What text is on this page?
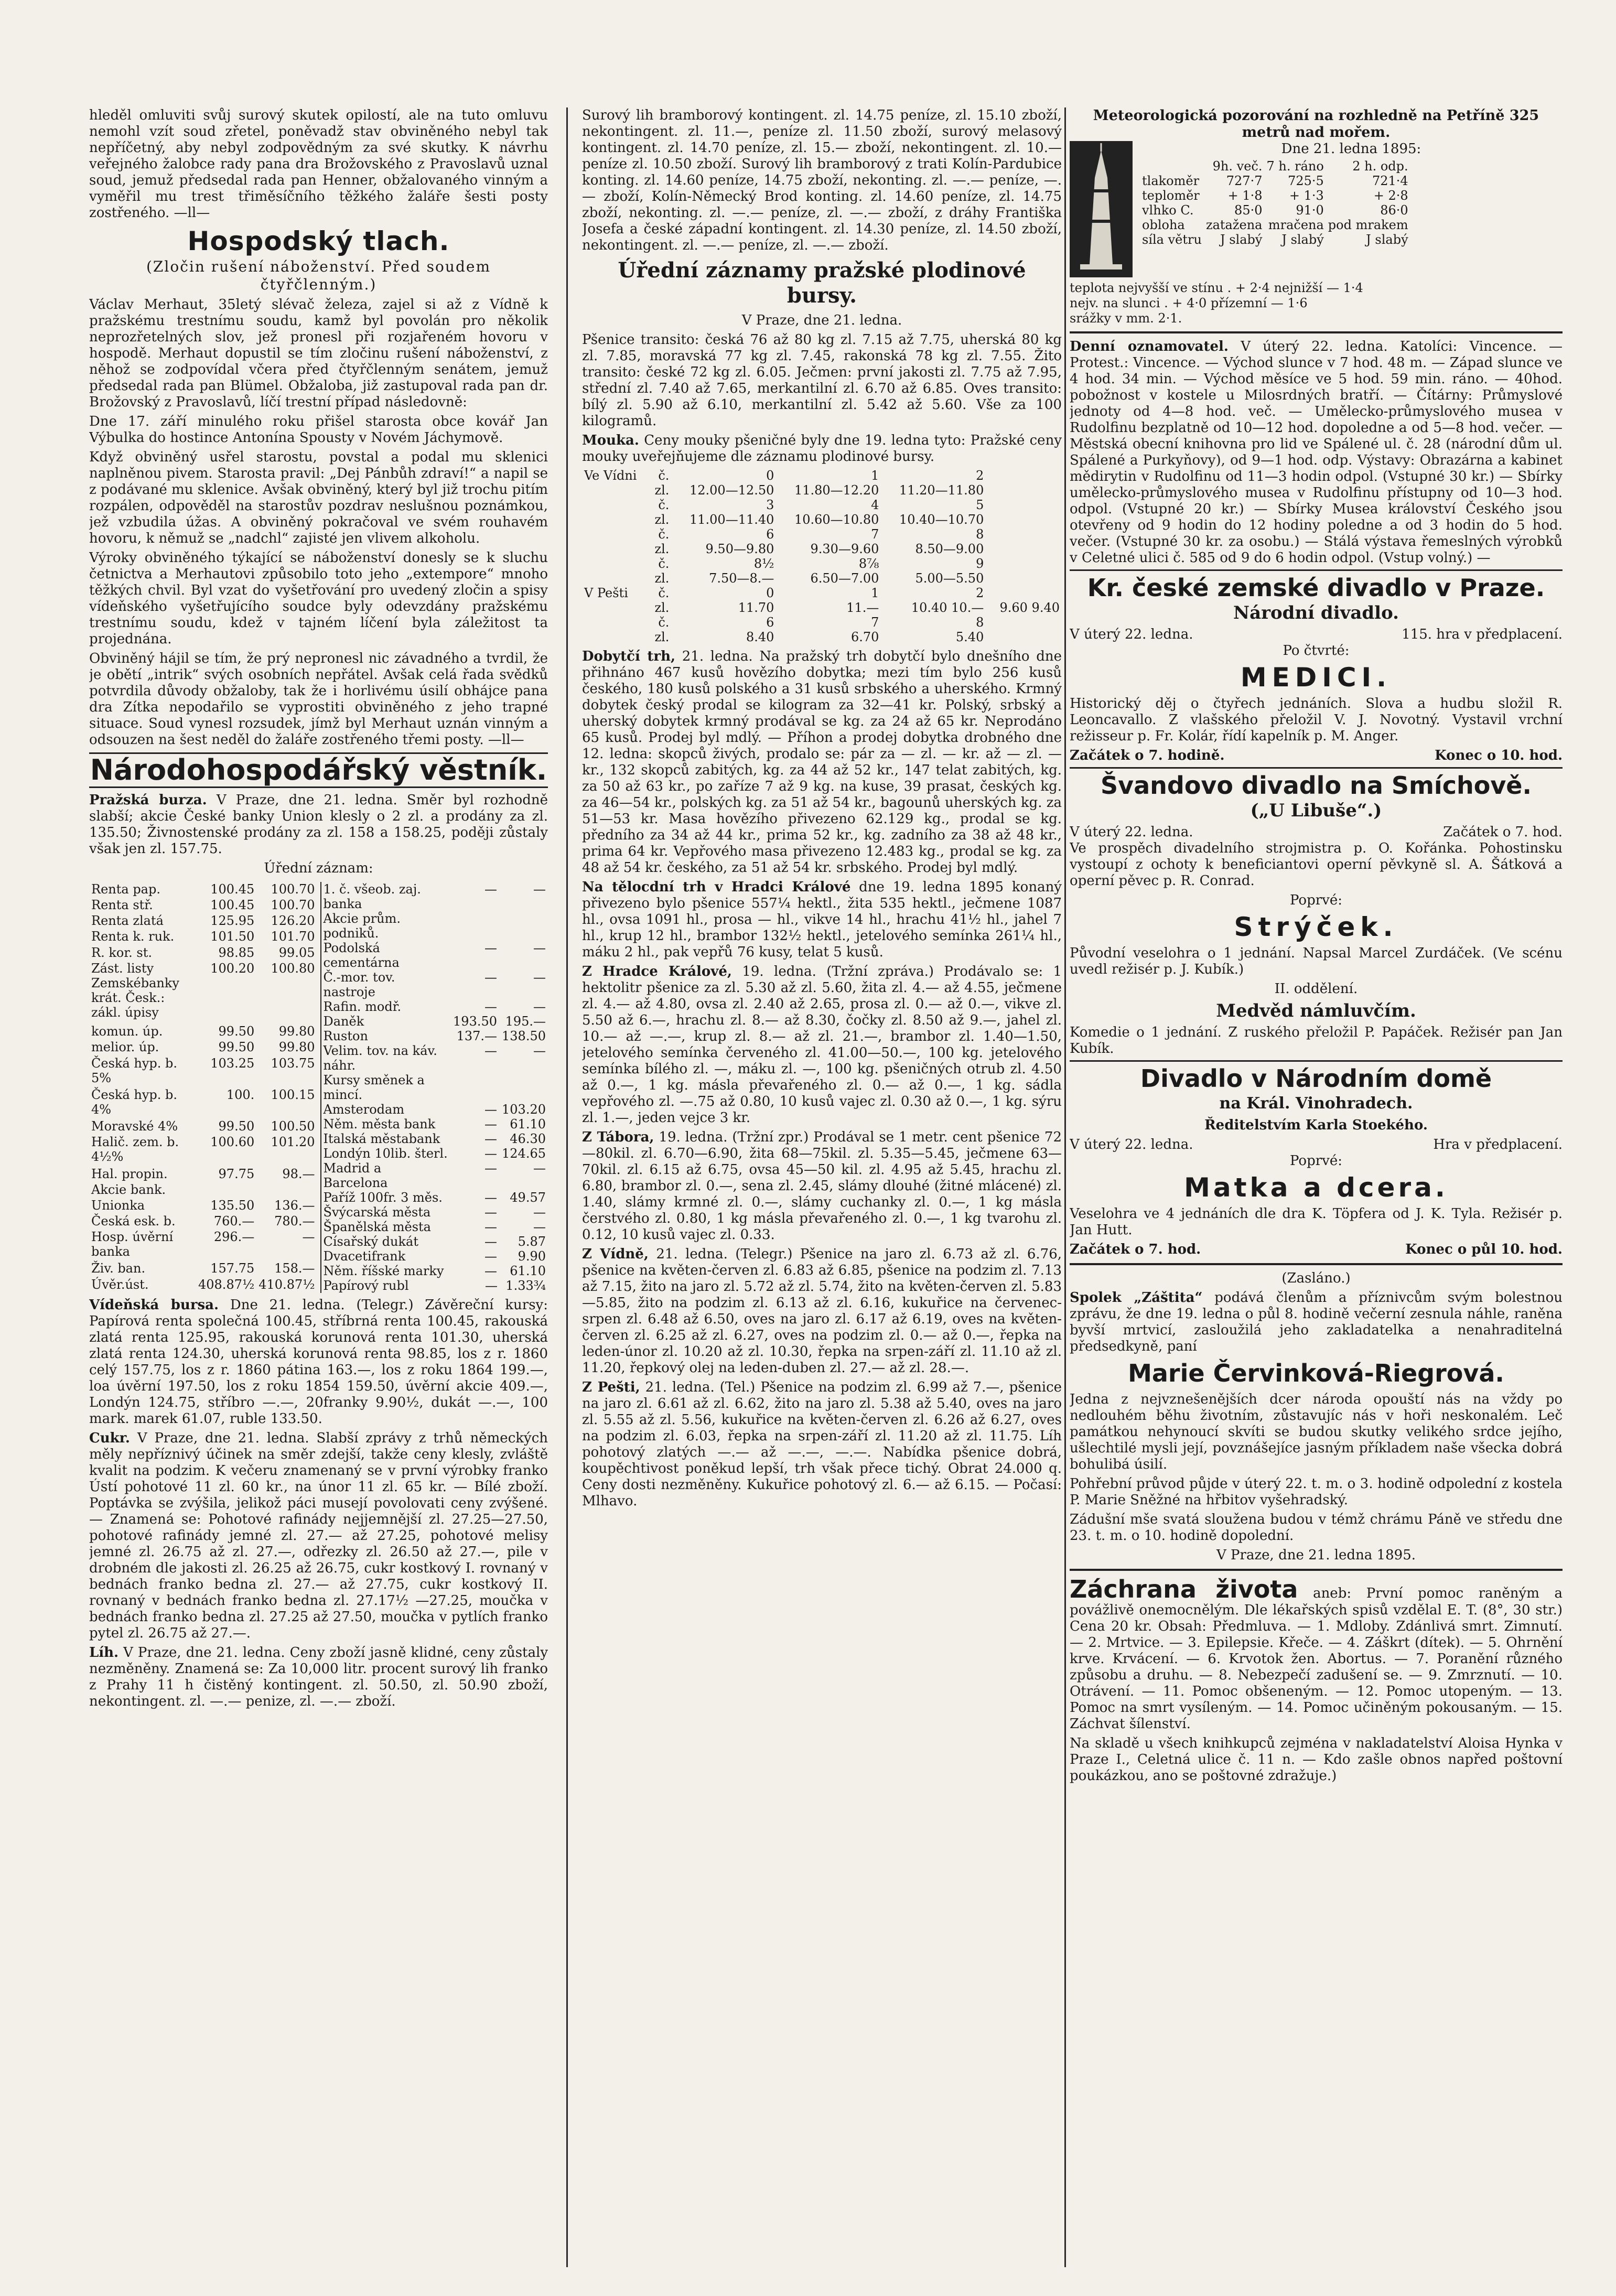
hleděl omluviti svůj surový skutek opilostí, ale na tuto omluvu nemohl vzít soud zřetel, poněvadž stav obviněného nebyl tak nepříčetný, aby nebyl zodpovědným za své skutky. K návrhu veřejného žalobce rady pana dra Brožovského z Pravoslavů uznal soud, jemuž předsedal rada pan Henner, obžalovaného vinným a vyměřil mu trest třiměsíčního těžkého žaláře šesti posty zostřeného. —ll—

Hospodský tlach.
(Zločin rušení náboženství. Před soudem čtyřčlenným.)

Václav Merhaut, 35letý slévač železa, zajel si až z Vídně k pražskému trestnímu soudu, kamž byl povolán pro několik neprozřetelných slov, jež pronesl při rozjařeném hovoru v hospodě. Merhaut dopustil se tím zločinu rušení náboženství, z něhož se zodpovídal včera před čtyřčlenným senátem, jemuž předsedal rada pan Blümel. Obžaloba, již zastupoval rada pan dr. Brožovský z Pravoslavů, líčí trestní případ následovně:

Dne 17. září minulého roku přišel starosta obce kovář Jan Výbulka do hostince Antonína Spousty v Novém Jáchymově.

Když obviněný usřel starostu, povstal a podal mu sklenici naplněnou pivem. Starosta pravil: „Dej Pánbůh zdraví!“ a napil se z podávané mu sklenice. Avšak obviněný, který byl již trochu pitím rozpálen, odpověděl na starostův pozdrav neslušnou poznámkou, jež vzbudila úžas. A obviněný pokračoval ve svém rouhavém hovoru, k němuž se „nadchl“ zajisté jen vlivem alkoholu.

Výroky obviněného týkající se náboženství donesly se k sluchu četnictva a Merhautovi způsobilo toto jeho „extempore“ mnoho těžkých chvil. Byl vzat do vyšetřování pro uvedený zločin a spisy vídeňského vyšetřujícího soudce byly odevzdány pražskému trestnímu soudu, kdež v tajném líčení byla záležitost ta projednána.

Obviněný hájil se tím, že prý nepronesl nic závadného a tvrdil, že je obětí „intrik“ svých osobních nepřátel. Avšak celá řada svědků potvrdila důvody obžaloby, tak že i horlivému úsilí obhájce pana dra Zítka nepodařilo se vyprostiti obviněného z jeho trapné situace. Soud vynesl rozsudek, jímž byl Merhaut uznán vinným a odsouzen na šest neděl do žaláře zostřeného třemi posty. —ll—

Národohospodářský věstník.

Pražská burza. V Praze, dne 21. ledna. Směr byl rozhodně slabší; akcie České banky Union klesly o 2 zl. a prodány za zl. 135.50; Živnostenské prodány za zl. 158 a 158.25, poději zůstaly však jen zl. 157.75.

Úřední záznam:

Renta pap.	100.45	100.70
Renta stř.	100.45	100.70
Renta zlatá	125.95	126.20
Renta k. ruk.	101.50	101.70
R. kor. st.	98.85	99.05
Zást. listy Zemskébanky krát. Česk.: zákl. úpisy	100.20	100.80
komun. úp.	99.50	99.80
melior. úp.	99.50	99.80
Česká hyp. b. 5%	103.25	103.75
Česká hyp. b. 4%	100.	100.15
Moravské 4%	99.50	100.50
Halič. zem. b. 4½%	100.60	101.20
Hal. propin.	97.75	98.—
Akcie bank.		
Unionka	135.50	136.—
Česká esk. b.	760.—	780.—
Hosp. úvěrní banka	296.—	—
Živ. ban.	157.75	158.—
Úvěr.úst.	408.87½	410.87½
1. č. všeob. zaj. banka	—	—
Akcie prům. podniků.		
Podolská cementárna	—	—
Č.-mor. tov. nastroje	—	—
Rafin. modř.	—	—
Daněk	193.50	195.—
Ruston	137.—	138.50
Velim. tov. na káv. náhr.	—	—
Kursy směnek a mincí.		
Amsterodam	—	103.20
Něm. města bank	—	61.10
Italská městabank	—	46.30
Londýn 10lib. šterl.	—	124.65
Madrid a Barcelona	—	—
Paříž 100fr. 3 měs.	—	49.57
Švýcarská města	—	—
Španělská města	—	—
Císařský dukát	—	5.87
Dvacetifrank	—	9.90
Něm. říšské marky	—	61.10
Papírový rubl	—	1.33¾

Vídeňská bursa. Dne 21. ledna. (Telegr.) Závěreční kursy: Papírová renta společná 100.45, stříbrná renta 100.45, rakouská zlatá renta 125.95, rakouská korunová renta 101.30, uherská zlatá renta 124.30, uherská korunová renta 98.85, los z r. 1860 celý 157.75, los z r. 1860 pátina 163.—, los z roku 1864 199.—, loa úvěrní 197.50, los z roku 1854 159.50, úvěrní akcie 409.—, Londýn 124.75, stříbro —.—, 20franky 9.90½, dukát —.—, 100 mark. marek 61.07, ruble 133.50.

Cukr. V Praze, dne 21. ledna. Slabší zprávy z trhů německých měly nepříznivý účinek na směr zdejší, takže ceny klesly, zvláště kvalit na podzim. K večeru znamenaný se v první výrobky franko Ústí pohotové 11 zl. 60 kr., na únor 11 zl. 65 kr. — Bílé zboží. Poptávka se zvýšila, jelikož páci musejí povolovati ceny zvýšené. — Znamená se: Pohotové rafinády nejjemnější zl. 27.25—27.50, pohotové rafinády jemné zl. 27.— až 27.25, pohotové melisy jemné zl. 26.75 až zl. 27.—, odřezky zl. 26.50 až 27.—, pile v drobném dle jakosti zl. 26.25 až 26.75, cukr kostkový I. rovnaný v bednách franko bedna zl. 27.— až 27.75, cukr kostkový II. rovnaný v bednách franko bedna zl. 27.17½ —27.25, moučka v bednách franko bedna zl. 27.25 až 27.50, moučka v pytlích franko pytel zl. 26.75 až 27.—.

Líh. V Praze, dne 21. ledna. Ceny zboží jasně klidné, ceny zůstaly nezměněny. Znamená se: Za 10,000 litr. procent surový lih franko z Prahy 11 h čistěný kontingent. zl. 50.50, zl. 50.90 zboží, nekontingent. zl. —.— penize, zl. —.— zboží.

Surový lih bramborový kontingent. zl. 14.75 peníze, zl. 15.10 zboží, nekontingent. zl. 11.—, peníze zl. 11.50 zboží, surový melasový kontingent. zl. 14.70 peníze, zl. 15.— zboží, nekontingent. zl. 10.— peníze zl. 10.50 zboží. Surový lih bramborový z trati Kolín-Pardubice konting. zl. 14.60 peníze, 14.75 zboží, nekonting. zl. —.— peníze, —.— zboží, Kolín-Německý Brod konting. zl. 14.60 peníze, zl. 14.75 zboží, nekonting. zl. —.— peníze, zl. —.— zboží, z dráhy Františka Josefa a české západní kontingent. zl. 14.30 peníze, zl. 14.50 zboží, nekontingent. zl. —.— peníze, zl. —.— zboží.

Úřední záznamy pražské plodinové bursy.

V Praze, dne 21. ledna.

Pšenice transito: česká 76 až 80 kg zl. 7.15 až 7.75, uherská 80 kg zl. 7.85, moravská 77 kg zl. 7.45, rakonská 78 kg zl. 7.55. Žito transito: české 72 kg zl. 6.05. Ječmen: první jakosti zl. 7.75 až 7.95, střední zl. 7.40 až 7.65, merkantilní zl. 6.70 až 6.85. Oves transito: bílý zl. 5.90 až 6.10, merkantilní zl. 5.42 až 5.60. Vše za 100 kilogramů.

Mouka. Ceny mouky pšeničné byly dne 19. ledna tyto: Pražské ceny mouky uveřejňujeme dle záznamu plodinové bursy.

Ve Vídni	č.	0	1	2	
	zl.	12.00—12.50	11.80—12.20	11.20—11.80	
	č.	3	4	5	
	zl.	11.00—11.40	10.60—10.80	10.40—10.70	
	č.	6	7	8	
	zl.	9.50—9.80	9.30—9.60	8.50—9.00	
	č.	8½	8⅞	9	
	zl.	7.50—8.—	6.50—7.00	5.00—5.50	
V Pešti	č.	0	1	2	
	zl.	11.70	11.—	10.40 10.—	9.60 9.40
	č.	6	7	8	
	zl.	8.40	6.70	5.40	

Dobytčí trh, 21. ledna. Na pražský trh dobytčí bylo dnešního dne přihnáno 467 kusů hovězího dobytka; mezi tím bylo 256 kusů českého, 180 kusů polského a 31 kusů srbského a uherského. Krmný dobytek český prodal se kilogram za 32—41 kr. Polský, srbský a uherský dobytek krmný prodával se kg. za 24 až 65 kr. Neprodáno 65 kusů. Prodej byl mdlý. — Příhon a prodej dobytka drobného dne 12. ledna: skopců živých, prodalo se: pár za — zl. — kr. až — zl. — kr., 132 skopců zabitých, kg. za 44 až 52 kr., 147 telat zabitých, kg. za 50 až 63 kr., po zaříze 7 až 9 kg. na kuse, 39 prasat, českých kg. za 46—54 kr., polských kg. za 51 až 54 kr., bagounů uherských kg. za 51—53 kr. Masa hovězího přivezeno 62.129 kg., prodal se kg. předního za 34 až 44 kr., prima 52 kr., kg. zadního za 38 až 48 kr., prima 64 kr. Vepřového masa přivezeno 12.483 kg., prodal se kg. za 48 až 54 kr. českého, za 51 až 54 kr. srbského. Prodej byl mdlý.

Na tělocdní trh v Hradci Králové dne 19. ledna 1895 konaný přivezeno bylo pšenice 557¼ hektl., žita 535 hektl., ječmene 1087 hl., ovsa 1091 hl., prosa — hl., vikve 14 hl., hrachu 41½ hl., jahel 7 hl., krup 12 hl., brambor 132½ hektl., jetelového semínka 261¼ hl., máku 2 hl., pak vepřů 76 kusy, telat 5 kusů.

Z Hradce Králové, 19. ledna. (Tržní zpráva.) Prodávalo se: 1 hektolitr pšenice za zl. 5.30 až zl. 5.60, žita zl. 4.— až 4.55, ječmene zl. 4.— až 4.80, ovsa zl. 2.40 až 2.65, prosa zl. 0.— až 0.—, vikve zl. 5.50 až 6.—, hrachu zl. 8.— až 8.30, čočky zl. 8.50 až 9.—, jahel zl. 10.— až —.—, krup zl. 8.— až zl. 21.—, brambor zl. 1.40—1.50, jetelového semínka červeného zl. 41.00—50.—, 100 kg. jetelového semínka bílého zl. —, máku zl. —, 100 kg. pšeničných otrub zl. 4.50 až 0.—, 1 kg. másla převařeného zl. 0.— až 0.—, 1 kg. sádla vepřového zl. —.75 až 0.80, 10 kusů vajec zl. 0.30 až 0.—, 1 kg. sýru zl. 1.—, jeden vejce 3 kr.

Z Tábora, 19. ledna. (Tržní zpr.) Prodával se 1 metr. cent pšenice 72—80kil. zl. 6.70—6.90, žita 68—75kil. zl. 5.35—5.45, ječmene 63—70kil. zl. 6.15 až 6.75, ovsa 45—50 kil. zl. 4.95 až 5.45, hrachu zl. 6.80, brambor zl. 0.—, sena zl. 2.45, slámy dlouhé (žitné mlácené) zl. 1.40, slámy krmné zl. 0.—, slámy cuchanky zl. 0.—, 1 kg másla čerstvého zl. 0.80, 1 kg másla převařeného zl. 0.—, 1 kg tvarohu zl. 0.12, 10 kusů vajec zl. 0.33.

Z Vídně, 21. ledna. (Telegr.) Pšenice na jaro zl. 6.73 až zl. 6.76, pšenice na květen-červen zl. 6.83 až 6.85, pšenice na podzim zl. 7.13 až 7.15, žito na jaro zl. 5.72 až zl. 5.74, žito na květen-červen zl. 5.83—5.85, žito na podzim zl. 6.13 až zl. 6.16, kukuřice na červenec-srpen zl. 6.48 až 6.50, oves na jaro zl. 6.17 až 6.19, oves na květen-červen zl. 6.25 až zl. 6.27, oves na podzim zl. 0.— až 0.—, řepka na leden-únor zl. 10.20 až zl. 10.30, řepka na srpen-září zl. 11.10 až zl. 11.20, řepkový olej na leden-duben zl. 27.— až zl. 28.—.

Z Pešti, 21. ledna. (Tel.) Pšenice na podzim zl. 6.99 až 7.—, pšenice na jaro zl. 6.61 až zl. 6.62, žito na jaro zl. 5.38 až 5.40, oves na jaro zl. 5.55 až zl. 5.56, kukuřice na květen-červen zl. 6.26 až 6.27, oves na podzim zl. 6.03, řepka na srpen-září zl. 11.20 až zl. 11.75. Líh pohotový zlatých —.— až —.—, —.—. Nabídka pšenice dobrá, koupěchtivost poněkud lepší, trh však přece tichý. Obrat 24.000 q. Ceny dosti nezměněny. Kukuřice pohotový zl. 6.— až 6.15. — Počasí: Mlhavo.

Meteorologická pozorování na rozhledně na Petříně 325 metrů nad mořem.
Dne 21. ledna 1895:
	9h. več.	7 h. ráno	2 h. odp.
tlakoměr	727·7	725·5	721·4
teploměr	+ 1·8	+ 1·3	+ 2·8
vlhko C.	85·0	91·0	86·0
obloha	zatažena	mračena	pod mrakem
síla větru	J slabý	J slabý	J slabý
teplota nejvyšší ve stínu . + 2·4 nejnižší — 1·4
nejv. na slunci . + 4·0 přízemní — 1·6
srážky v mm. 2·1.

Denní oznamovatel. V úterý 22. ledna. Katolíci: Vincence. — Protest.: Vincence. — Východ slunce v 7 hod. 48 m. — Západ slunce ve 4 hod. 34 min. — Východ měsíce ve 5 hod. 59 min. ráno. — 40hod. pobožnost v kostele u Milosrdných bratří. — Čítárny: Průmyslové jednoty od 4—8 hod. več. — Umělecko-průmyslového musea v Rudolfinu bezplatně od 10—12 hod. dopoledne a od 5—8 hod. večer. — Městská obecní knihovna pro lid ve Spálené ul. č. 28 (národní dům ul. Spálené a Purkyňovy), od 9—1 hod. odp. Výstavy: Obrazárna a kabinet mědirytin v Rudolfinu od 11—3 hodin odpol. (Vstupné 30 kr.) — Sbírky umělecko-průmyslového musea v Rudolfinu přístupny od 10—3 hod. odpol. (Vstupné 20 kr.) — Sbírky Musea království Českého jsou otevřeny od 9 hodin do 12 hodiny poledne a od 3 hodin do 5 hod. večer. (Vstupné 30 kr. za osobu.) — Stálá výstava řemeslných výrobků v Celetné ulici č. 585 od 9 do 6 hodin odpol. (Vstup volný.) —

Kr. české zemské divadlo v Praze.
Národní divadlo.
V úterý 22. ledna.	115. hra v předplacení.

Po čtvrté:

MEDICI.

Historický děj o čtyřech jednáních. Slova a hudbu složil R. Leoncavallo. Z vlašského přeložil V. J. Novotný. Vystavil vrchní režisseur p. Fr. Kolár, řídí kapelník p. M. Anger.

Začátek o 7. hodině.	Konec o 10. hod.
Švandovo divadlo na Smíchově.
(„U Libuše“.)
V úterý 22. ledna.	Začátek o 7. hod.

Ve prospěch divadelního strojmistra p. O. Kořánka. Pohostinsku vystoupí z ochoty k beneficiantovi operní pěvkyně sl. A. Šátková a operní pěvec p. R. Conrad.

Poprvé:

Strýček.

Původní veselohra o 1 jednání. Napsal Marcel Zurdáček. (Ve scénu uvedl režisér p. J. Kubík.)

II. oddělení.

Medvěd námluvčím.

Komedie o 1 jednání. Z ruského přeložil P. Papáček. Režisér pan Jan Kubík.

Divadlo v Národním domě
na Král. Vinohradech.

Ředitelstvím Karla Stoekého.

V úterý 22. ledna.	Hra v předplacení.

Poprvé:

Matka a dcera.

Veselohra ve 4 jednáních dle dra K. Töpfera od J. K. Tyla. Režisér p. Jan Hutt.

Začátek o 7. hod.	Konec o půl 10. hod.

(Zasláno.)

Spolek „Záštita“ podává členům a příznivcům svým bolestnou zprávu, že dne 19. ledna o půl 8. hodině večerní zesnula náhle, raněna byvší mrtvicí, zasloužilá jeho zakladatelka a nenahraditelná předsedkyně, paní

Marie Červinková-Riegrová.

Jedna z nejvznešenějších dcer národa opouští nás na vždy po nedlouhém běhu životním, zůstavujíc nás v hoři neskonalém. Leč památkou nehynoucí skvíti se budou skutky velikého srdce jejího, ušlechtilé mysli její, povznášejíce jasným příkladem naše všecka dobrá bohulibá úsilí.

Pohřební průvod půjde v úterý 22. t. m. o 3. hodině odpolední z kostela P. Marie Sněžné na hřbitov vyšehradský.

Zádušní mše svatá sloužena budou v témž chrámu Páně ve středu dne 23. t. m. o 10. hodině dopolední.

V Praze, dne 21. ledna 1895.

Záchrana života aneb: První pomoc raněným a povážlivě onemocnělým. Dle lékařských spisů vzdělal E. T. (8°, 30 str.) Cena 20 kr. Obsah: Předmluva. — 1. Mdloby. Zdánlivá smrt. Zimnutí. — 2. Mrtvice. — 3. Epilepsie. Křeče. — 4. Záškrt (dítek). — 5. Ohrnění krve. Krvácení. — 6. Krvotok žen. Abortus. — 7. Poranění různého způsobu a druhu. — 8. Nebezpečí zadušení se. — 9. Zmrznutí. — 10. Otrávení. — 11. Pomoc obšeneným. — 12. Pomoc utopeným. — 13. Pomoc na smrt vysíleným. — 14. Pomoc učiněným pokousaným. — 15. Záchvat šílenství.

Na skladě u všech knihkupců zejména v nakladatelství Aloisa Hynka v Praze I., Celetná ulice č. 11 n. — Kdo zašle obnos napřed poštovní poukázkou, ano se poštovné zdražuje.)
